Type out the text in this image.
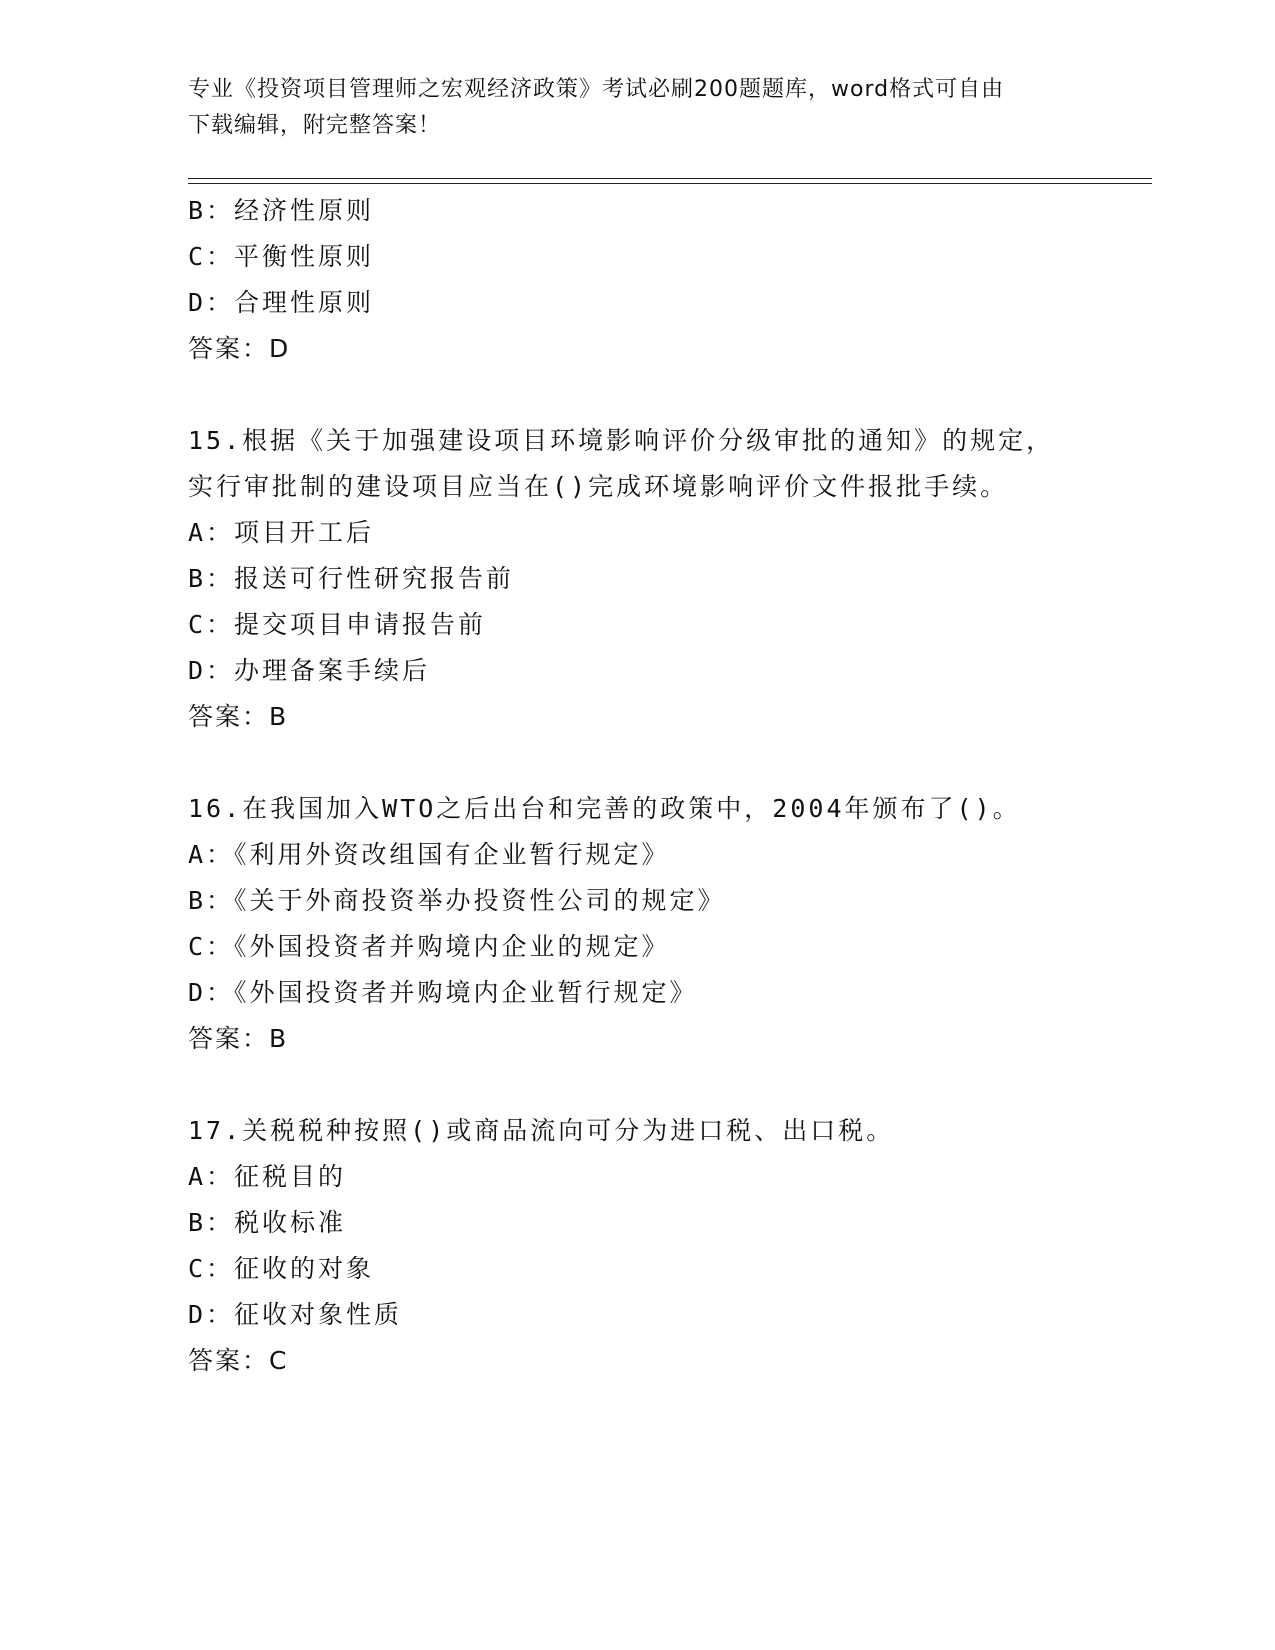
专业《投资项目管理师之宏观经济政策》考试必刷200题题库，word格式可自由
下载编辑，附完整答案！
B：经济性原则
C：平衡性原则
D：合理性原则
答案：D
15.根据《关于加强建设项目环境影响评价分级审批的通知》的规定，
实行审批制的建设项目应当在()完成环境影响评价文件报批手续。
A：项目开工后
B：报送可行性研究报告前
C：提交项目申请报告前
D：办理备案手续后
答案：B
16.在我国加入WTO之后出台和完善的政策中，2004年颁布了()。
A：《利用外资改组国有企业暂行规定》
B：《关于外商投资举办投资性公司的规定》
C：《外国投资者并购境内企业的规定》
D：《外国投资者并购境内企业暂行规定》
答案：B
17.关税税种按照()或商品流向可分为进口税、出口税。
A：征税目的
B：税收标准
C：征收的对象
D：征收对象性质
答案：C
